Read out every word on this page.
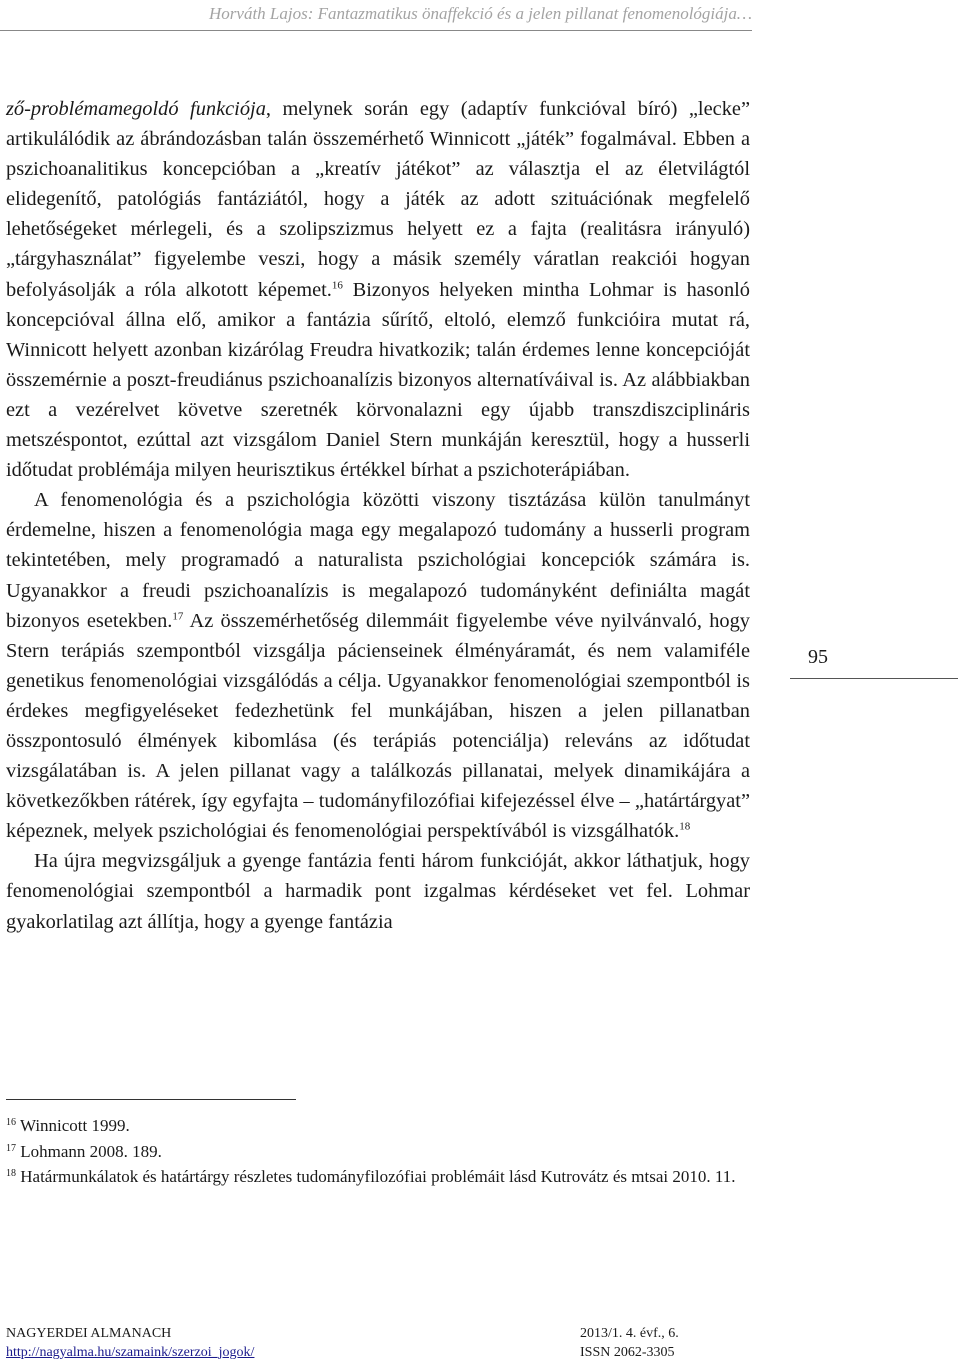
Horváth Lajos: Fantazmatikus önaffekció és a jelen pillanat fenomenológiája…

ző-problémamegoldó funkciója, melynek során egy (adaptív funkcióval bíró) „lecke” artikulálódik az ábrándozásban talán összemérhető Winnicott „játék” fogalmával. Ebben a pszichoanalitikus koncepcióban a „kreatív játékot” az választja el az életvilágtól elidegenítő, patológiás fantáziától, hogy a játék az adott szituációnak megfelelő lehetőségeket mérlegeli, és a szolipszizmus helyett ez a fajta (realitásra irányuló) „tárgyhasználat” figyelembe veszi, hogy a másik személy váratlan reakciói hogyan befolyásolják a róla alkotott képemet.$^{16}$ Bizonyos helyeken mintha Lohmar is hasonló koncepcióval állna elő, amikor a fantázia sűrítő, eltoló, elemző funkcióira mutat rá, Winnicott helyett azonban kizárólag Freudra hivatkozik; talán érdemes lenne koncepcióját összemérnie a poszt-freudiánus pszichoanalízis bizonyos alternatíváival is. Az alábbiakban ezt a vezérelvet követve szeretnék körvonalazni egy újabb transzdiszciplináris metszéspontot, ezúttal azt vizsgálom Daniel Stern munkáján keresztül, hogy a husserli időtudat problémája milyen heurisztikus értékkel bírhat a pszichoterápiában.

A fenomenológia és a pszichológia közötti viszony tisztázása külön tanulmányt érdemelne, hiszen a fenomenológia maga egy megalapozó tudomány a husserli program tekintetében, mely programadó a naturalista pszichológiai koncepciók számára is. Ugyanakkor a freudi pszichoanalízis is megalapozó tudományként definiálta magát bizonyos esetekben.$^{17}$ Az összemérhetőség dilemmáit figyelembe véve nyilvánvaló, hogy Stern terápiás szempontból vizsgálja pácienseinek élményáramát, és nem valamiféle genetikus fenomenológiai vizsgálódás a célja. Ugyanakkor fenomenológiai szempontból is érdekes megfigyeléseket fedezhetünk fel munkájában, hiszen a jelen pillanatban összpontosuló élmények kibomlása (és terápiás potenciálja) releváns az időtudat vizsgálatában is. A jelen pillanat vagy a találkozás pillanatai, melyek dinamikájára a következőkben rátérek, így egyfajta – tudományfilozófiai kifejezéssel élve – „határtárgyat” képeznek, melyek pszichológiai és fenomenológiai perspektívából is vizsgálhatók.$^{18}$

Ha újra megvizsgáljuk a gyenge fantázia fenti három funkcióját, akkor láthatjuk, hogy fenomenológiai szempontból a harmadik pont izgalmas kérdéseket vet fel. Lohmar gyakorlatilag azt állítja, hogy a gyenge fantázia

95

$^{16}$ Winnicott 1999.

$^{17}$ Lohmann 2008. 189.

$^{18}$ Határmunkálatok és határtárgy részletes tudományfilozófiai problémáit lásd Kutrovátz és mtsai 2010. 11.

NAGYERDEI ALMANACH
http://nagyalma.hu/szamaink/szerzoi_jogok/
2013/1. 4. évf., 6.
ISSN 2062-3305
